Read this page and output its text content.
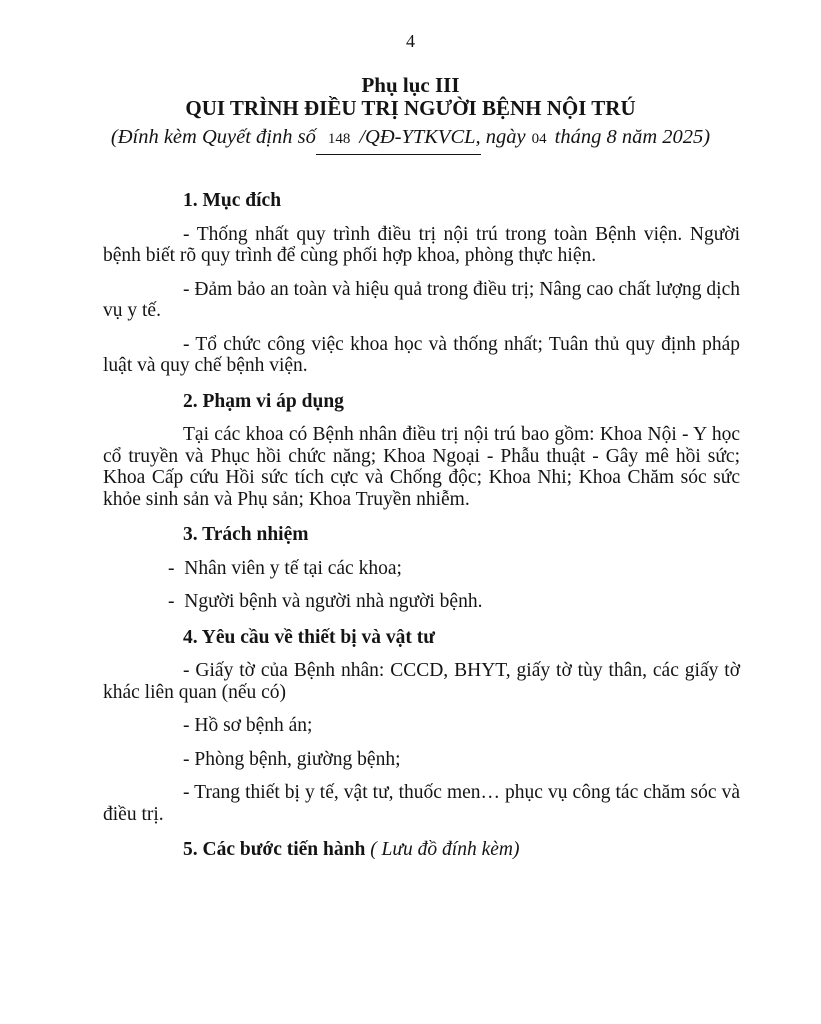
4
Phụ lục III
QUI TRÌNH ĐIỀU TRỊ NGƯỜI BỆNH NỘI TRÚ
(Đính kèm Quyết định số 148 /QĐ-YTKVCL, ngày 04 tháng 8 năm 2025)

1. Mục đích

- Thống nhất quy trình điều trị nội trú trong toàn Bệnh viện. Người bệnh biết rõ quy trình để cùng phối hợp khoa, phòng thực hiện.

- Đảm bảo an toàn và hiệu quả trong điều trị; Nâng cao chất lượng dịch vụ y tế.

- Tổ chức công việc khoa học và thống nhất; Tuân thủ quy định pháp luật và quy chế bệnh viện.

2. Phạm vi áp dụng

Tại các khoa có Bệnh nhân điều trị nội trú bao gồm: Khoa Nội - Y học cổ truyền và Phục hồi chức năng; Khoa Ngoại - Phẫu thuật - Gây mê hồi sức; Khoa Cấp cứu Hồi sức tích cực và Chống độc; Khoa Nhi; Khoa Chăm sóc sức khỏe sinh sản và Phụ sản; Khoa Truyền nhiễm.

3. Trách nhiệm

-  Nhân viên y tế tại các khoa;

-  Người bệnh và người nhà người bệnh.

4. Yêu cầu về thiết bị và vật tư

- Giấy tờ của Bệnh nhân: CCCD, BHYT, giấy tờ tùy thân, các giấy tờ khác liên quan (nếu có)

- Hồ sơ bệnh án;

- Phòng bệnh, giường bệnh;

- Trang thiết bị y tế, vật tư, thuốc men… phục vụ công tác chăm sóc và điều trị.

5. Các bước tiến hành ( Lưu đồ đính kèm)
